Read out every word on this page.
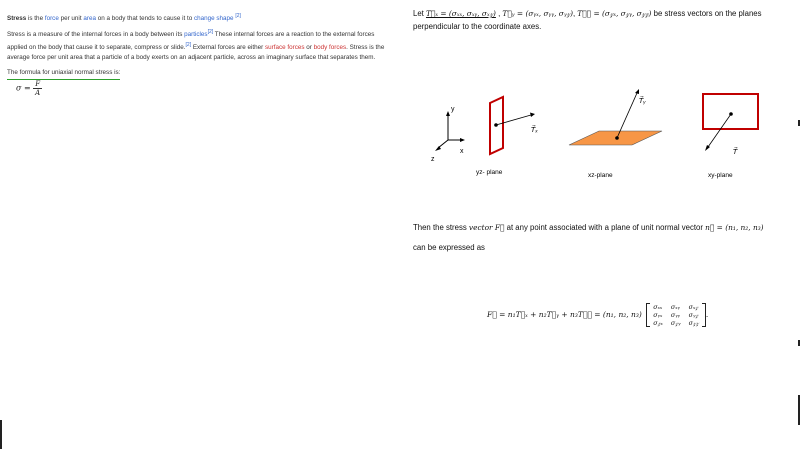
Stress is the force per unit area on a body that tends to cause it to change shape [2]

Stress is a measure of the internal forces in a body between its particles[2] These internal forces are a reaction to the external forces applied on the body that cause it to separate, compress or slide.[2] External forces are either surface forces or body forces. Stress is the average force per unit area that a particle of a body exerts on an adjacent particle, across an imaginary surface that separates them.

The formula for uniaxial normal stress is:

$\sigma = \frac{F}{A}$
Let T⃗ₓ = (σₓₓ, σₓᵧ, σₓ𝓏) , T⃗ᵧ = (σᵧₓ, σᵧᵧ, σᵧ𝓏), T⃗𝓏 = (σ𝓏ₓ, σ𝓏ᵧ, σ𝓏𝓏) be stress vectors on the planes
perpendicular to the coordinate axes.
y
x
z
T⃗ₓ
yz- plane
T⃗ᵧ
xz-plane
T⃗𝓏
xy-plane
Then the stress vector F⃗ at any point associated with a plane of unit normal vector n⃗ = (n₁, n₂, n₃)
can be expressed as
F⃗ = n₁T⃗ₓ + n₂T⃗ᵧ + n₃T⃗𝓏 = (n₁, n₂, n₃)
σₓₓ	σₓᵧ	σₓ𝓏
σᵧₓ	σᵧᵧ	σᵧ𝓏
σ𝓏ₓ	σ𝓏ᵧ	σ𝓏𝓏
.
